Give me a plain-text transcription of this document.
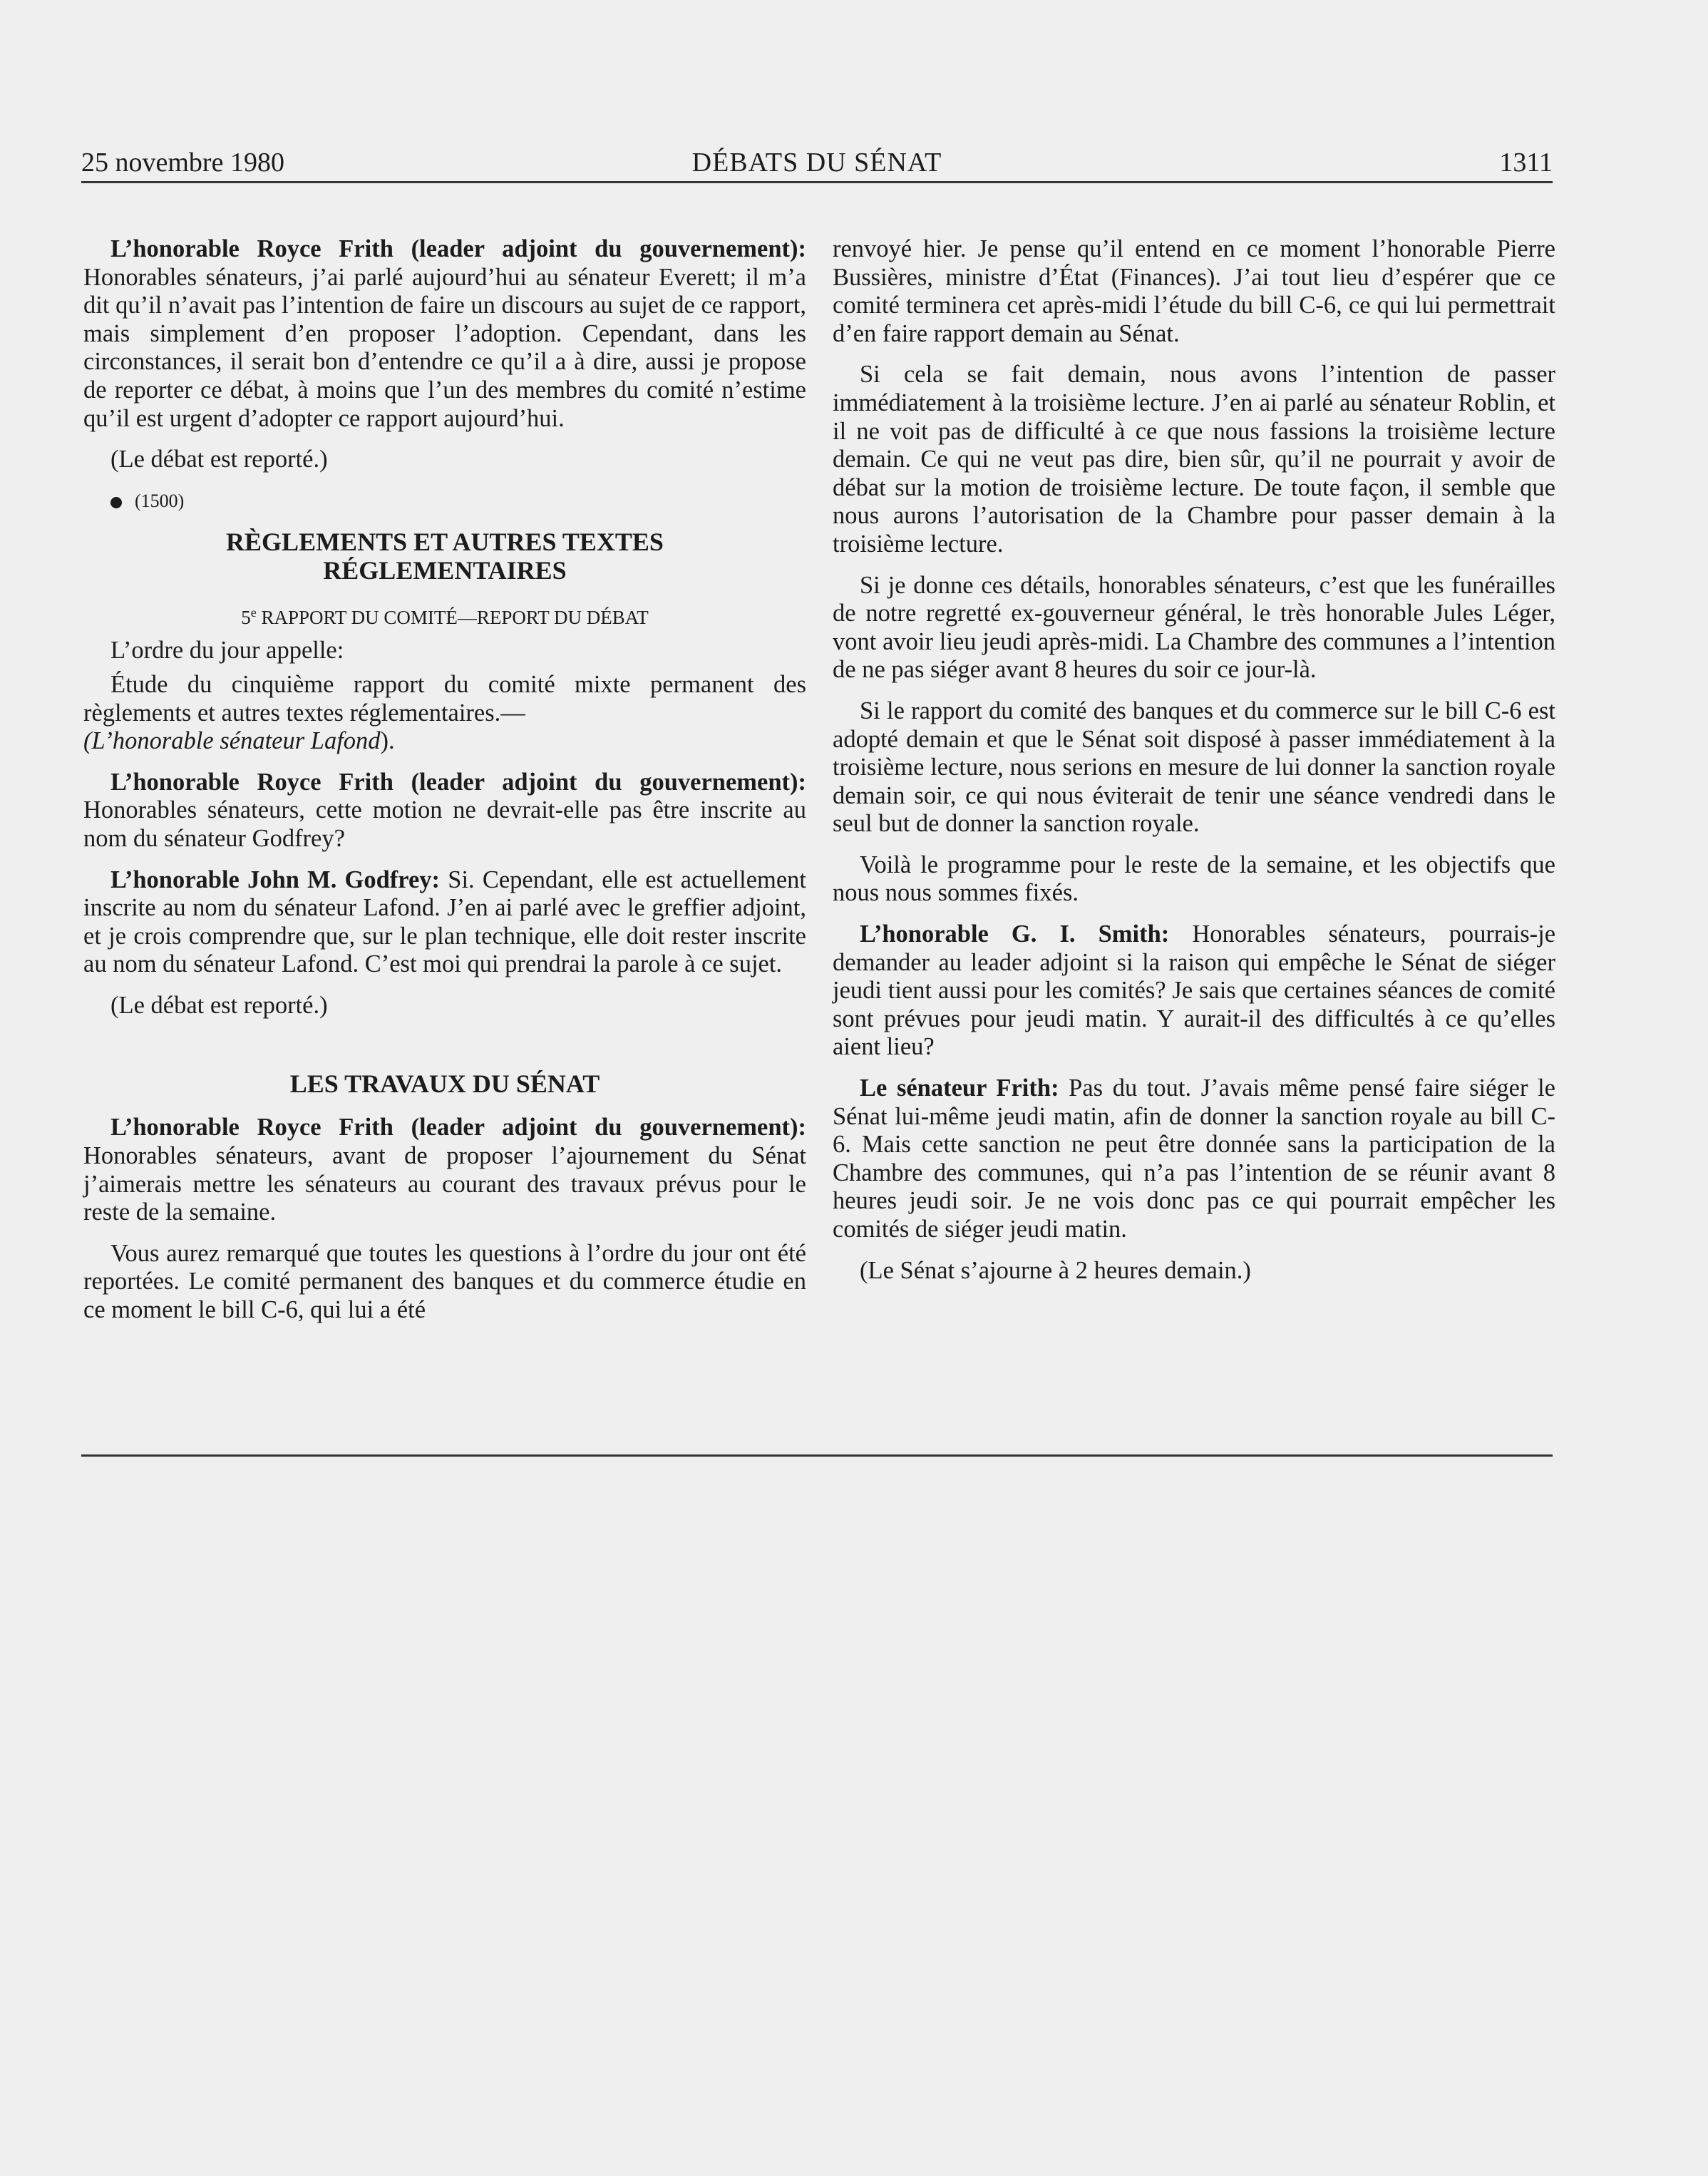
25 novembre 1980	DÉBATS DU SÉNAT	1311

L’honorable Royce Frith (leader adjoint du gouvernement): Honorables sénateurs, j’ai parlé aujourd’hui au sénateur Everett; il m’a dit qu’il n’avait pas l’intention de faire un discours au sujet de ce rapport, mais simplement d’en proposer l’adoption. Cependant, dans les circonstances, il serait bon d’entendre ce qu’il a à dire, aussi je propose de reporter ce débat, à moins que l’un des membres du comité n’estime qu’il est urgent d’adopter ce rapport aujourd’hui.

(Le débat est reporté.)

(1500)

RÈGLEMENTS ET AUTRES TEXTES
RÉGLEMENTAIRES
5e RAPPORT DU COMITÉ—REPORT DU DÉBAT

L’ordre du jour appelle:

Étude du cinquième rapport du comité mixte permanent des règlements et autres textes réglementaires.—
(L’honorable sénateur Lafond).

L’honorable Royce Frith (leader adjoint du gouvernement): Honorables sénateurs, cette motion ne devrait-elle pas être inscrite au nom du sénateur Godfrey?

L’honorable John M. Godfrey: Si. Cependant, elle est actuellement inscrite au nom du sénateur Lafond. J’en ai parlé avec le greffier adjoint, et je crois comprendre que, sur le plan technique, elle doit rester inscrite au nom du sénateur Lafond. C’est moi qui prendrai la parole à ce sujet.

(Le débat est reporté.)

LES TRAVAUX DU SÉNAT

L’honorable Royce Frith (leader adjoint du gouvernement): Honorables sénateurs, avant de proposer l’ajournement du Sénat j’aimerais mettre les sénateurs au courant des travaux prévus pour le reste de la semaine.

Vous aurez remarqué que toutes les questions à l’ordre du jour ont été reportées. Le comité permanent des banques et du commerce étudie en ce moment le bill C-6, qui lui a été

renvoyé hier. Je pense qu’il entend en ce moment l’honorable Pierre Bussières, ministre d’État (Finances). J’ai tout lieu d’espérer que ce comité terminera cet après-midi l’étude du bill C-6, ce qui lui permettrait d’en faire rapport demain au Sénat.

Si cela se fait demain, nous avons l’intention de passer immédiatement à la troisième lecture. J’en ai parlé au sénateur Roblin, et il ne voit pas de difficulté à ce que nous fassions la troisième lecture demain. Ce qui ne veut pas dire, bien sûr, qu’il ne pourrait y avoir de débat sur la motion de troisième lecture. De toute façon, il semble que nous aurons l’autorisation de la Chambre pour passer demain à la troisième lecture.

Si je donne ces détails, honorables sénateurs, c’est que les funérailles de notre regretté ex-gouverneur général, le très honorable Jules Léger, vont avoir lieu jeudi après-midi. La Chambre des communes a l’intention de ne pas siéger avant 8 heures du soir ce jour-là.

Si le rapport du comité des banques et du commerce sur le bill C-6 est adopté demain et que le Sénat soit disposé à passer immédiatement à la troisième lecture, nous serions en mesure de lui donner la sanction royale demain soir, ce qui nous éviterait de tenir une séance vendredi dans le seul but de donner la sanction royale.

Voilà le programme pour le reste de la semaine, et les objectifs que nous nous sommes fixés.

L’honorable G. I. Smith: Honorables sénateurs, pourrais-je demander au leader adjoint si la raison qui empêche le Sénat de siéger jeudi tient aussi pour les comités? Je sais que certaines séances de comité sont prévues pour jeudi matin. Y aurait-il des difficultés à ce qu’elles aient lieu?

Le sénateur Frith: Pas du tout. J’avais même pensé faire siéger le Sénat lui-même jeudi matin, afin de donner la sanction royale au bill C-6. Mais cette sanction ne peut être donnée sans la participation de la Chambre des communes, qui n’a pas l’intention de se réunir avant 8 heures jeudi soir. Je ne vois donc pas ce qui pourrait empêcher les comités de siéger jeudi matin.

(Le Sénat s’ajourne à 2 heures demain.)
